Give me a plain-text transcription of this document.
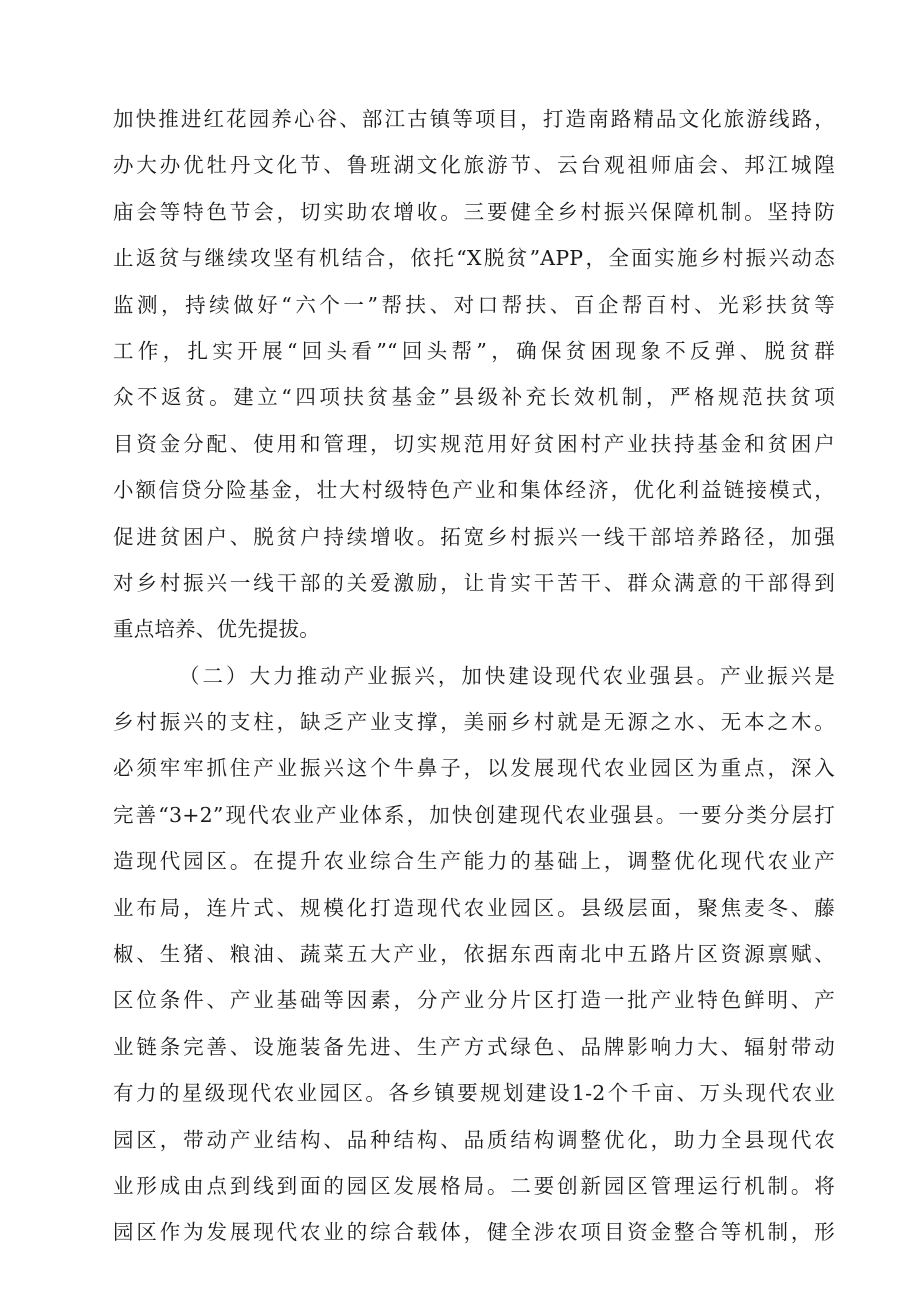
加快推进红花园养心谷、部江古镇等项目，打造南路精品文化旅游线路，
办大办优牡丹文化节、鲁班湖文化旅游节、云台观祖师庙会、邦江城隍
庙会等特色节会，切实助农增收。三要健全乡村振兴保障机制。坚持防
止返贫与继续攻坚有机结合，依托“X脱贫”APP，全面实施乡村振兴动态
监测，持续做好“六个一”帮扶、对口帮扶、百企帮百村、光彩扶贫等
工作，扎实开展“回头看”“回头帮”，确保贫困现象不反弹、脱贫群
众不返贫。建立“四项扶贫基金”县级补充长效机制，严格规范扶贫项
目资金分配、使用和管理，切实规范用好贫困村产业扶持基金和贫困户
小额信贷分险基金，壮大村级特色产业和集体经济，优化利益链接模式，
促进贫困户、脱贫户持续增收。拓宽乡村振兴一线干部培养路径，加强
对乡村振兴一线干部的关爱激励，让肯实干苦干、群众满意的干部得到
重点培养、优先提拔。
（二）大力推动产业振兴，加快建设现代农业强县。产业振兴是
乡村振兴的支柱，缺乏产业支撑，美丽乡村就是无源之水、无本之木。
必须牢牢抓住产业振兴这个牛鼻子，以发展现代农业园区为重点，深入
完善“3+2”现代农业产业体系，加快创建现代农业强县。一要分类分层打
造现代园区。在提升农业综合生产能力的基础上，调整优化现代农业产
业布局，连片式、规模化打造现代农业园区。县级层面，聚焦麦冬、藤
椒、生猪、粮油、蔬菜五大产业，依据东西南北中五路片区资源禀赋、
区位条件、产业基础等因素，分产业分片区打造一批产业特色鲜明、产
业链条完善、设施装备先进、生产方式绿色、品牌影响力大、辐射带动
有力的星级现代农业园区。各乡镇要规划建设1-2个千亩、万头现代农业
园区，带动产业结构、品种结构、品质结构调整优化，助力全县现代农
业形成由点到线到面的园区发展格局。二要创新园区管理运行机制。将
园区作为发展现代农业的综合载体，健全涉农项目资金整合等机制，形
